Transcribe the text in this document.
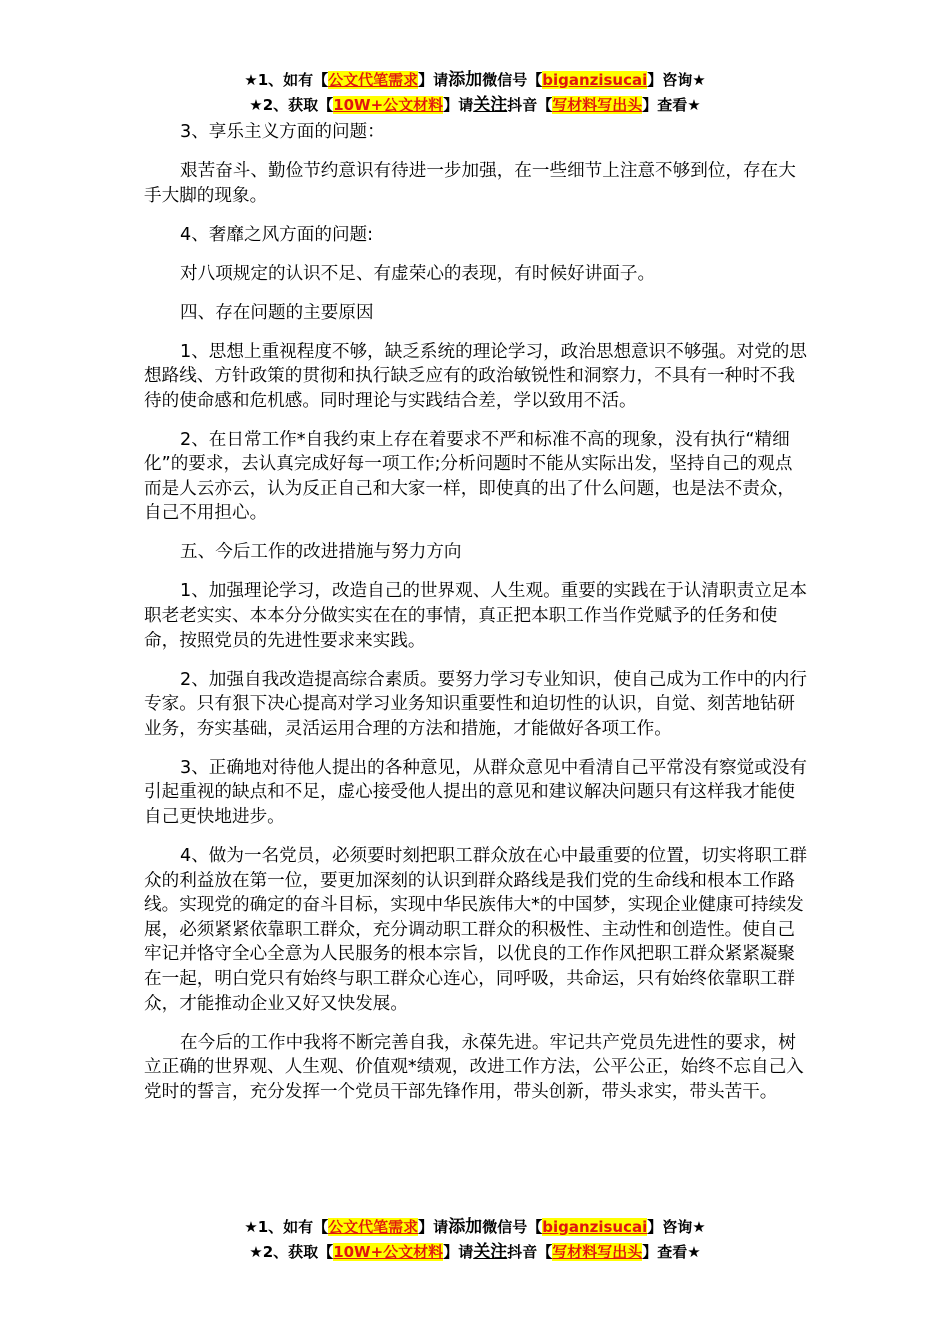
★1、如有【公文代笔需求】请添加微信号【biganzisucai】咨询★
★2、获取【10W+公文材料】请关注抖音【写材料写出头】查看★

3、享乐主义方面的问题：

艰苦奋斗、勤俭节约意识有待进一步加强，在一些细节上注意不够到位，存在大手大脚的现象。

4、奢靡之风方面的问题:

对八项规定的认识不足、有虚荣心的表现，有时候好讲面子。

四、存在问题的主要原因

1、思想上重视程度不够，缺乏系统的理论学习，政治思想意识不够强。对党的思想路线、方针政策的贯彻和执行缺乏应有的政治敏锐性和洞察力，不具有一种时不我待的使命感和危机感。同时理论与实践结合差，学以致用不活。

2、在日常工作*自我约束上存在着要求不严和标准不高的现象，没有执行“精细化”的要求，去认真完成好每一项工作;分析问题时不能从实际出发，坚持自己的观点而是人云亦云，认为反正自己和大家一样，即使真的出了什么问题，也是法不责众，自己不用担心。

五、今后工作的改进措施与努力方向

1、加强理论学习，改造自己的世界观、人生观。重要的实践在于认清职责立足本职老老实实、本本分分做实实在在的事情，真正把本职工作当作党赋予的任务和使命，按照党员的先进性要求来实践。

2、加强自我改造提高综合素质。要努力学习专业知识，使自己成为工作中的内行专家。只有狠下决心提高对学习业务知识重要性和迫切性的认识，自觉、刻苦地钻研业务，夯实基础，灵活运用合理的方法和措施，才能做好各项工作。

3、正确地对待他人提出的各种意见，从群众意见中看清自己平常没有察觉或没有引起重视的缺点和不足，虚心接受他人提出的意见和建议解决问题只有这样我才能使自己更快地进步。

4、做为一名党员，必须要时刻把职工群众放在心中最重要的位置，切实将职工群众的利益放在第一位，要更加深刻的认识到群众路线是我们党的生命线和根本工作路线。实现党的确定的奋斗目标，实现中华民族伟大*的中国梦，实现企业健康可持续发展，必须紧紧依靠职工群众，充分调动职工群众的积极性、主动性和创造性。使自己牢记并恪守全心全意为人民服务的根本宗旨，以优良的工作作风把职工群众紧紧凝聚在一起，明白党只有始终与职工群众心连心，同呼吸，共命运，只有始终依靠职工群众，才能推动企业又好又快发展。

在今后的工作中我将不断完善自我，永葆先进。牢记共产党员先进性的要求，树立正确的世界观、人生观、价值观*绩观，改进工作方法，公平公正，始终不忘自己入党时的誓言，充分发挥一个党员干部先锋作用，带头创新，带头求实，带头苦干。

★1、如有【公文代笔需求】请添加微信号【biganzisucai】咨询★
★2、获取【10W+公文材料】请关注抖音【写材料写出头】查看★
